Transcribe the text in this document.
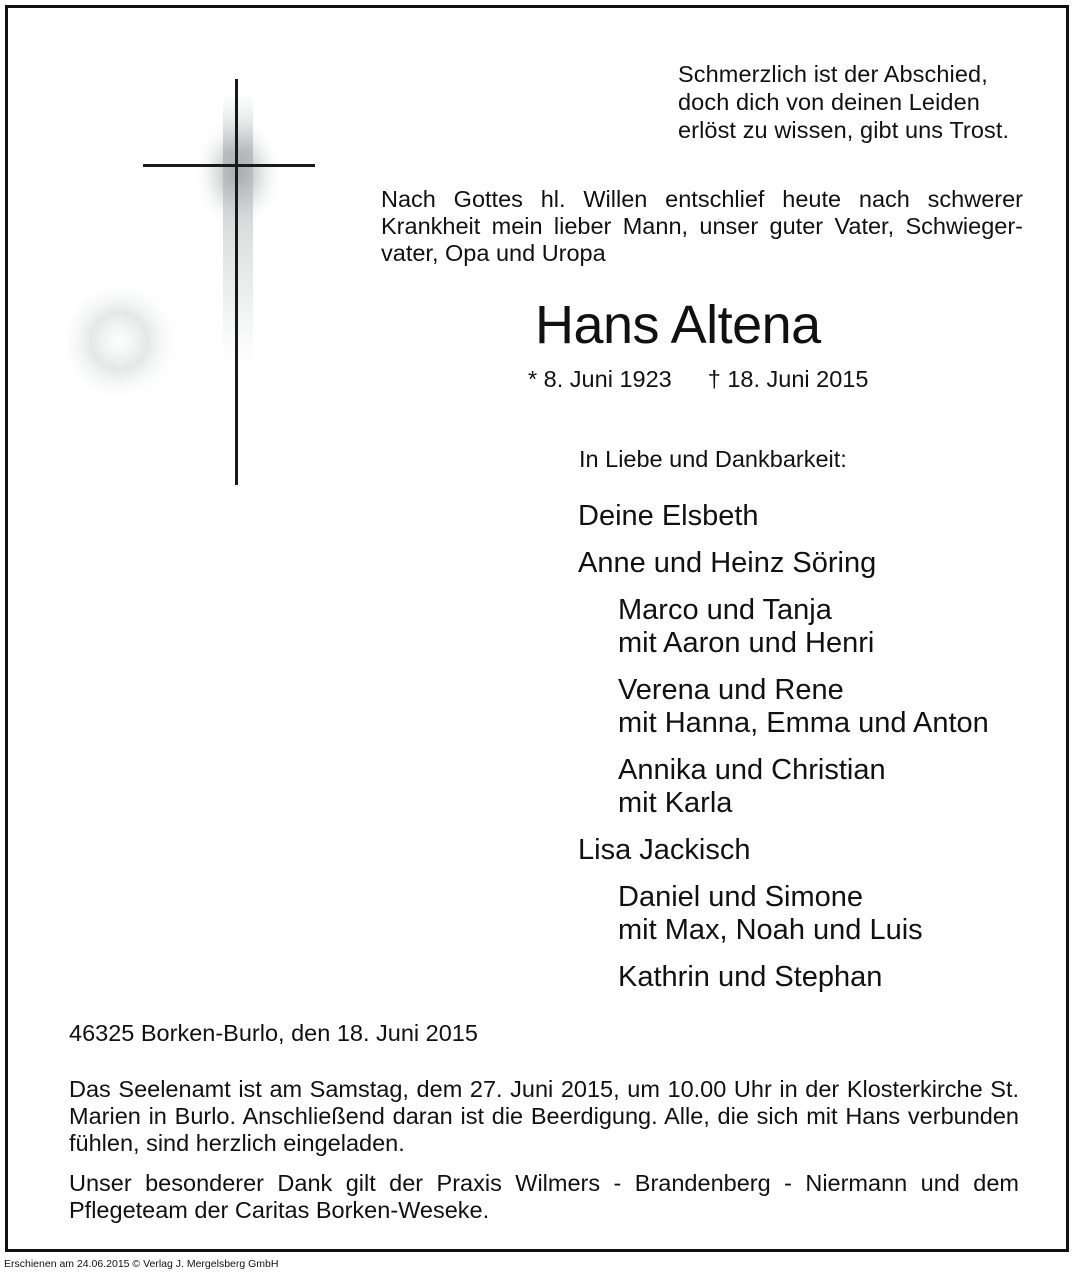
Schmerzlich ist der Abschied,
doch dich von deinen Leiden
erlöst zu wissen, gibt uns Trost.

Nach Gottes hl. Willen entschlief heute nach schwerer Krankheit mein lieber Mann, unser guter Vater, Schwiegervater, Opa und Uropa

Hans Altena
* 8. Juni 1923 † 18. Juni 2015
In Liebe und Dankbarkeit:
Deine Elsbeth
Anne und Heinz Söring
Marco und Tanja
mit Aaron und Henri
Verena und Rene
mit Hanna, Emma und Anton
Annika und Christian
mit Karla
Lisa Jackisch
Daniel und Simone
mit Max, Noah und Luis
Kathrin und Stephan
46325 Borken-Burlo, den 18. Juni 2015

Das Seelenamt ist am Samstag, dem 27. Juni 2015, um 10.00 Uhr in der Klosterkirche St. Marien in Burlo. Anschließend daran ist die Beerdigung. Alle, die sich mit Hans verbunden fühlen, sind herzlich eingeladen.

Unser besonderer Dank gilt der Praxis Wilmers - Brandenberg - Niermann und dem Pflegeteam der Caritas Borken-Weseke.

Erschienen am 24.06.2015 © Verlag J. Mergelsberg GmbH
